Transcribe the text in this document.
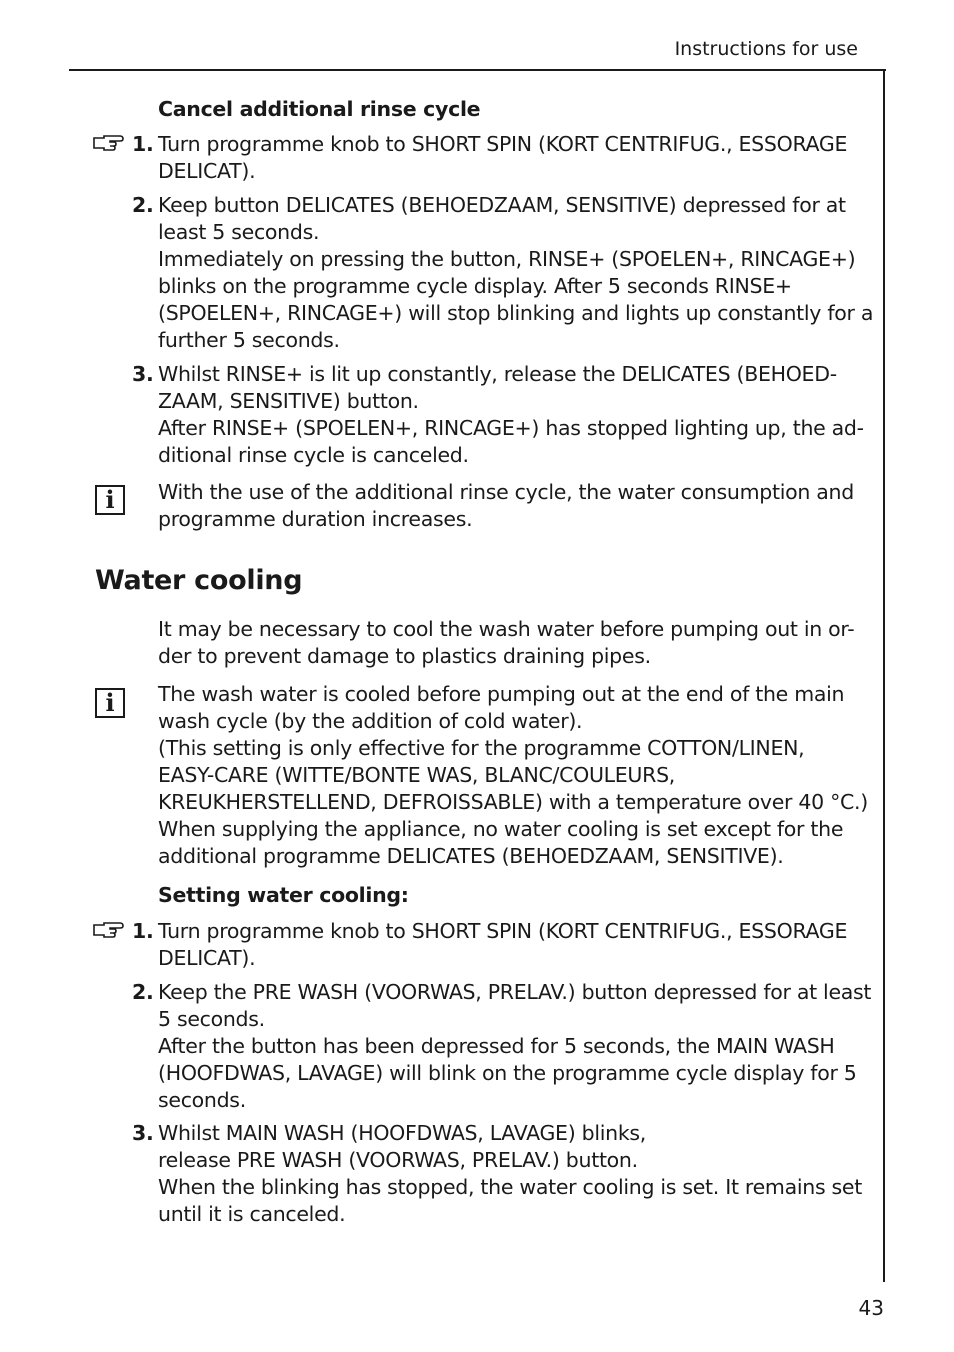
Instructions for use
43
Cancel additional rinse cycle
1. Turn programme knob to SHORT SPIN (KORT CENTRIFUG., ESSORAGE
DELICAT).
2. Keep button DELICATES (BEHOEDZAAM, SENSITIVE) depressed for at
least 5 seconds.
Immediately on pressing the button, RINSE+ (SPOELEN+, RINCAGE+)
blinks on the programme cycle display. After 5 seconds RINSE+
(SPOELEN+, RINCAGE+) will stop blinking and lights up constantly for a
further 5 seconds.
3. Whilst RINSE+ is lit up constantly, release the DELICATES (BEHOED-
ZAAM, SENSITIVE) button.
After RINSE+ (SPOELEN+, RINCAGE+) has stopped lighting up, the ad-
ditional rinse cycle is canceled.
i	With the use of the additional rinse cycle, the water consumption and
programme duration increases.
Water cooling
It may be necessary to cool the wash water before pumping out in or-
der to prevent damage to plastics draining pipes.
i	The wash water is cooled before pumping out at the end of the main
wash cycle (by the addition of cold water).
(This setting is only effective for the programme COTTON/LINEN,
EASY-CARE (WITTE/BONTE WAS, BLANC/COULEURS,
KREUKHERSTELLEND, DEFROISSABLE) with a temperature over 40 °C.)
When supplying the appliance, no water cooling is set except for the
additional programme DELICATES (BEHOEDZAAM, SENSITIVE).
Setting water cooling:
1. Turn programme knob to SHORT SPIN (KORT CENTRIFUG., ESSORAGE
DELICAT).
2. Keep the PRE WASH (VOORWAS, PRELAV.) button depressed for at least
5 seconds.
After the button has been depressed for 5 seconds, the MAIN WASH
(HOOFDWAS, LAVAGE) will blink on the programme cycle display for 5
seconds.
3. Whilst MAIN WASH (HOOFDWAS, LAVAGE) blinks,
release PRE WASH (VOORWAS, PRELAV.) button.
When the blinking has stopped, the water cooling is set. It remains set
until it is canceled.
